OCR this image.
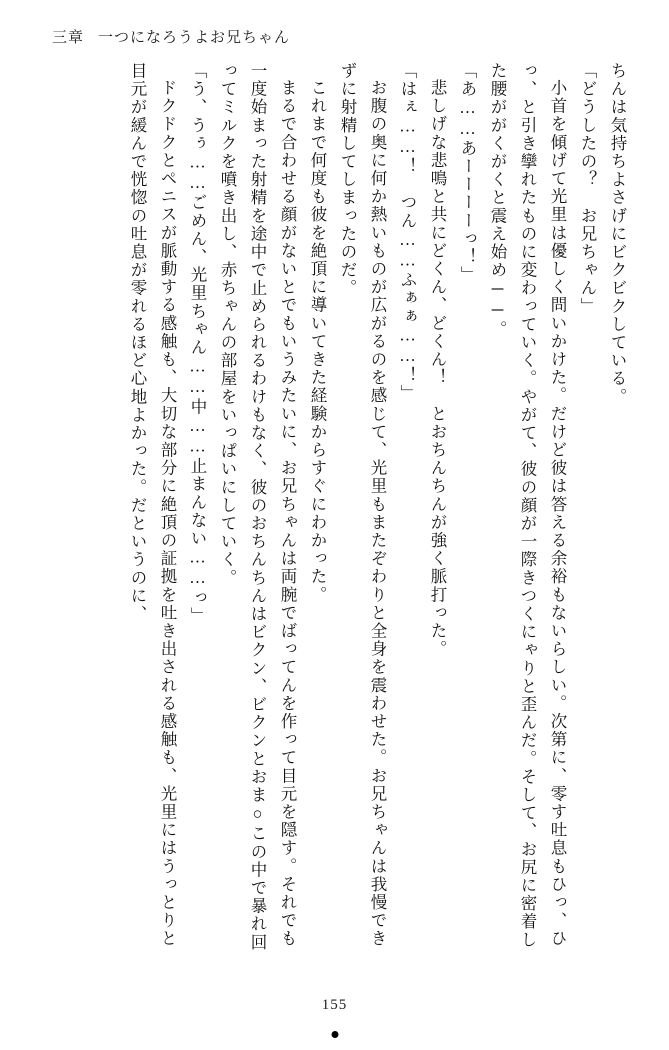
三章 一つになろうよお兄ちゃん

ちんは気持ちよさげにビクビクしている。

「どうしたの？　お兄ちゃん」

小首を傾げて光里は優しく問いかけた。だけど彼は答える余裕もないらしい。次第に、零す吐息もひっ、ひっ、と引き攣れたものに変わっていく。やがて、彼の顔が一際きつくにゃりと歪んだ。そして、お尻に密着した腰ががくがくと震え始め──。

「あ……あーーーーっ！」

悲しげな悲鳴と共にどくん、どくん！　とおちんちんが強く脈打った。

「はぇ……！　つん……ふぁぁ……！」

お腹の奥に何か熱いものが広がるのを感じて、光里もまたぞわりと全身を震わせた。お兄ちゃんは我慢できずに射精してしまったのだ。

これまで何度も彼を絶頂に導いてきた経験からすぐにわかった。

まるで合わせる顔がないとでもいうみたいに、お兄ちゃんは両腕でばってんを作って目元を隠す。それでも一度始まった射精を途中で止められるわけもなく、彼のおちんちんはビクン、ビクンとおま○この中で暴れ回ってミルクを噴き出し、赤ちゃんの部屋をいっぱいにしていく。

「う、うぅ……ごめん、光里ちゃん……中……止まんない……っ」

ドクドクとペニスが脈動する感触も、大切な部分に絶頂の証拠を吐き出される感触も、光里にはうっとりと目元が緩んで恍惚の吐息が零れるほど心地よかった。だというのに、

155
